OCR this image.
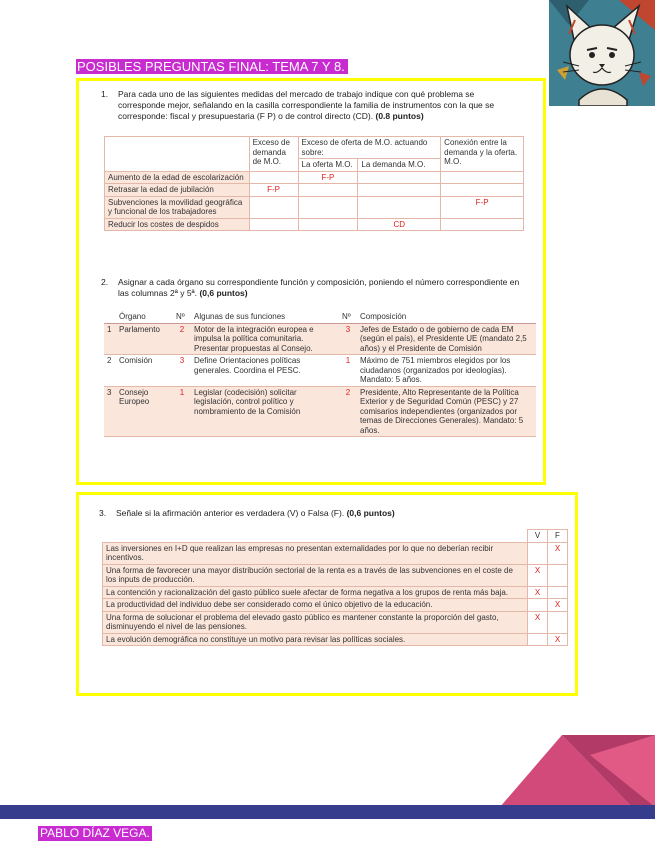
POSIBLES PREGUNTAS FINAL: TEMA 7 Y 8.
1. Para cada uno de las siguientes medidas del mercado de trabajo indique con qué problema se corresponde mejor, señalando en la casilla correspondiente la familia de instrumentos con la que se corresponde: fiscal y presupuestaria (F P) o de control directo (CD). (0.8 puntos)
	Exceso de demanda de M.O.	Exceso de oferta de M.O. actuando sobre:		Conexión entre la demanda y la oferta. M.O.
		La oferta M.O.	La demanda M.O.	
Aumento de la edad de escolarización		F-P		
Retrasar la edad de jubilación	F-P			
Subvenciones la movilidad geográfica y funcional de los trabajadores				F-P
Reducir los costes de despidos			CD	
2. Asignar a cada órgano su correspondiente función y composición, poniendo el número correspondiente en las columnas 2ª y 5ª. (0,6 puntos)
	Órgano	Nº	Algunas de sus funciones	Nº	Composición
1	Parlamento	2	Motor de la integración europea e impulsa la política comunitaria. Presentar propuestas al Consejo.	3	Jefes de Estado o de gobierno de cada EM (según el país), el Presidente UE (mandato 2,5 años) y el Presidente de Comisión
2	Comisión	3	Define Orientaciones políticas generales. Coordina el PESC.	1	Máximo de 751 miembros elegidos por los ciudadanos (organizados por ideologías). Mandato: 5 años.
3	Consejo Europeo	1	Legislar (codecisión) solicitar legislación, control político y nombramiento de la Comisión	2	Presidente, Alto Representante de la Política Exterior y de Seguridad Común (PESC) y 27 comisarios independientes (organizados por temas de Direcciones Generales). Mandato: 5 años.
3. Señale si la afirmación anterior es verdadera (V) o Falsa (F). (0,6 puntos)
	V	F
Las inversiones en I+D que realizan las empresas no presentan externalidades por lo que no deberían recibir incentivos.		X
Una forma de favorecer una mayor distribución sectorial de la renta es a través de las subvenciones en el coste de los inputs de producción.	X	
La contención y racionalización del gasto público suele afectar de forma negativa a los grupos de renta más baja.	X	
La productividad del individuo debe ser considerado como el único objetivo de la educación.		X
Una forma de solucionar el problema del elevado gasto público es mantener constante la proporción del gasto, disminuyendo el nivel de las pensiones.	X	
La evolución demográfica no constituye un motivo para revisar las políticas sociales.		X
PABLO DÍAZ VEGA.
